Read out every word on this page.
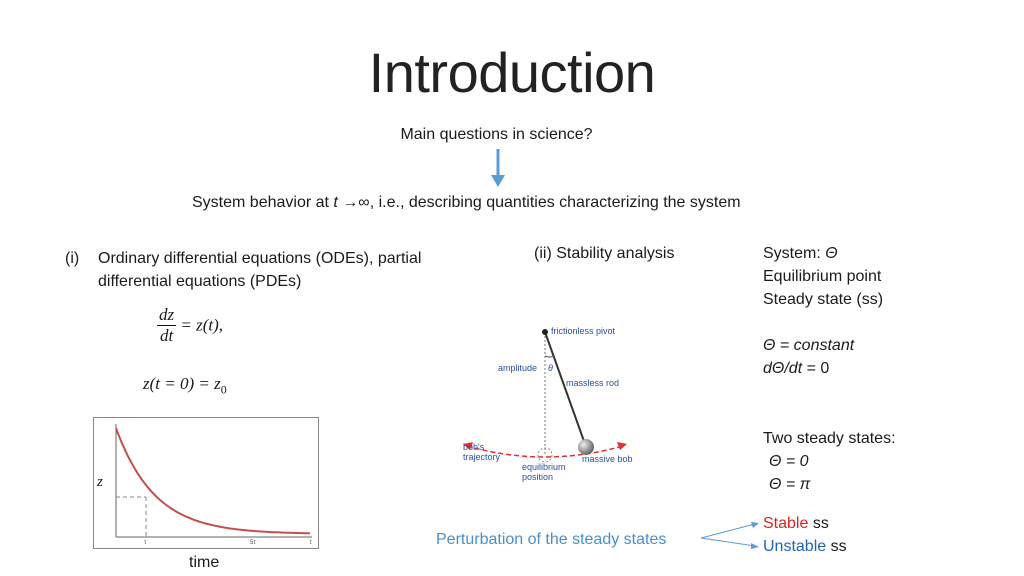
Introduction
Main questions in science?
System behavior at t →∞, i.e., describing quantities characterizing the system
(i) Ordinary differential equations (ODEs), partial
differential equations (PDEs)
$\frac{dz}{dt} = z(t)$,
$z(t = 0) = z_0$
τ	5τ	t
z
time
(ii) Stability analysis
frictionless pivot
amplitude θ
massless rod
massive bob
bob's
trajectory
equilibrium
position
System: Θ
Equilibrium point
Steady state (ss)
Θ = constant
dΘ/dt = 0
Two steady states:
Θ = 0
Θ = π
Perturbation of the steady states
Stable ss
Unstable ss
